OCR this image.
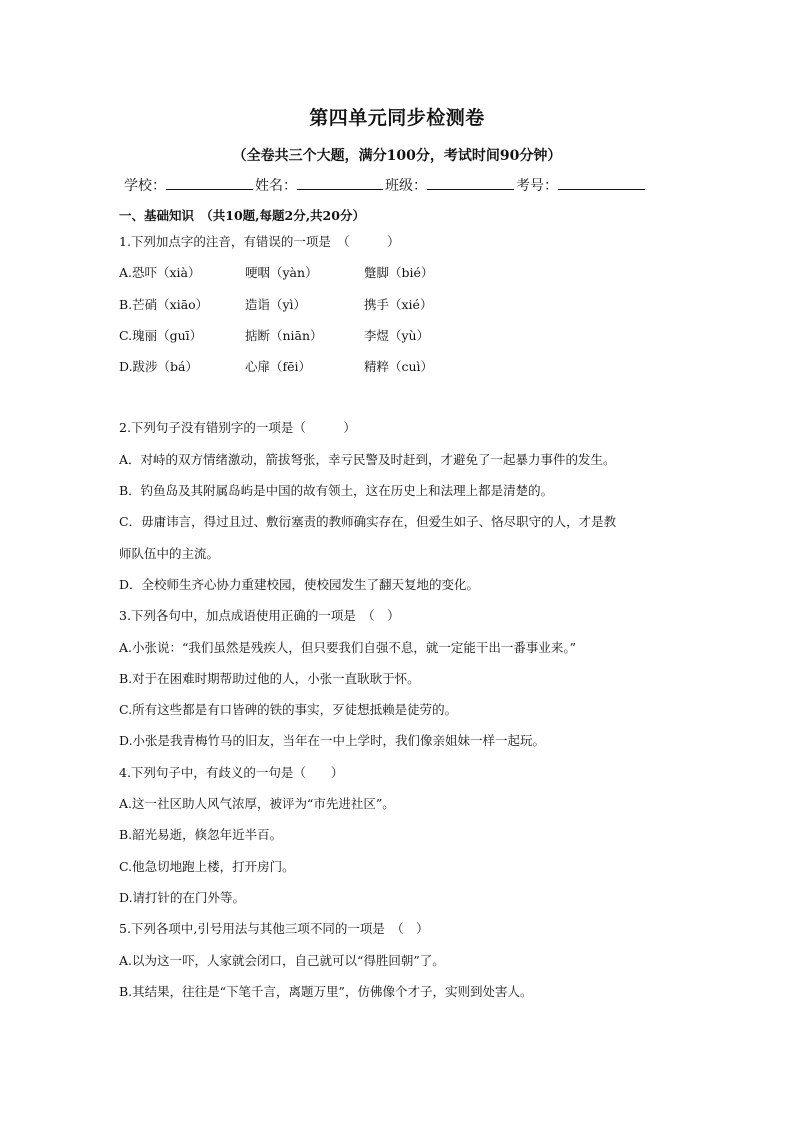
第四单元同步检测卷
（全卷共三个大题，满分100分，考试时间90分钟）
学校：	姓名：	班级：	考号：
一、基础知识　（共10题,每题2分,共20分）
1.下列加点字的注音，有错误的一项是　（　　　）
A.恐吓（xià）	哽咽（yàn）	蹩脚（bié）
B.芒硝（xiāo）	造诣（yì）	携手（xié）
C.瑰丽（guī）	掂断（niān）	李煜（yù）
D.跋涉（bá）	心扉（fēi）	精粹（cuì）
2.下列句子没有错别字的一项是（　　　）
A．对峙的双方情绪激动，箭拔弩张，幸亏民警及时赶到，才避免了一起暴力事件的发生。
B．钓鱼岛及其附属岛屿是中国的故有领土，这在历史上和法理上都是清楚的。
C．毋庸讳言，得过且过、敷衍塞责的教师确实存在，但爱生如子、恪尽职守的人，才是教
师队伍中的主流。
D．全校师生齐心协力重建校园，使校园发生了翻天复地的变化。
3.下列各句中，加点成语使用正确的一项是　（　）
A.小张说：“我们虽然是残疾人，但只要我们自强不息，就一定能干出一番事业来。”
B.对于在困难时期帮助过他的人，小张一直耿耿于怀。
C.所有这些都是有口皆碑的铁的事实，歹徒想抵赖是徒劳的。
D.小张是我青梅竹马的旧友，当年在一中上学时，我们像亲姐妹一样一起玩。
4.下列句子中，有歧义的一句是（　　）
A.这一社区助人风气浓厚，被评为“市先进社区”。
B.韶光易逝，倏忽年近半百。
C.他急切地跑上楼，打开房门。
D.请打针的在门外等。
5.下列各项中,引号用法与其他三项不同的一项是　（　）
A.以为这一吓，人家就会闭口，自己就可以“得胜回朝”了。
B.其结果，往往是“下笔千言，离题万里”，仿佛像个才子，实则到处害人。
